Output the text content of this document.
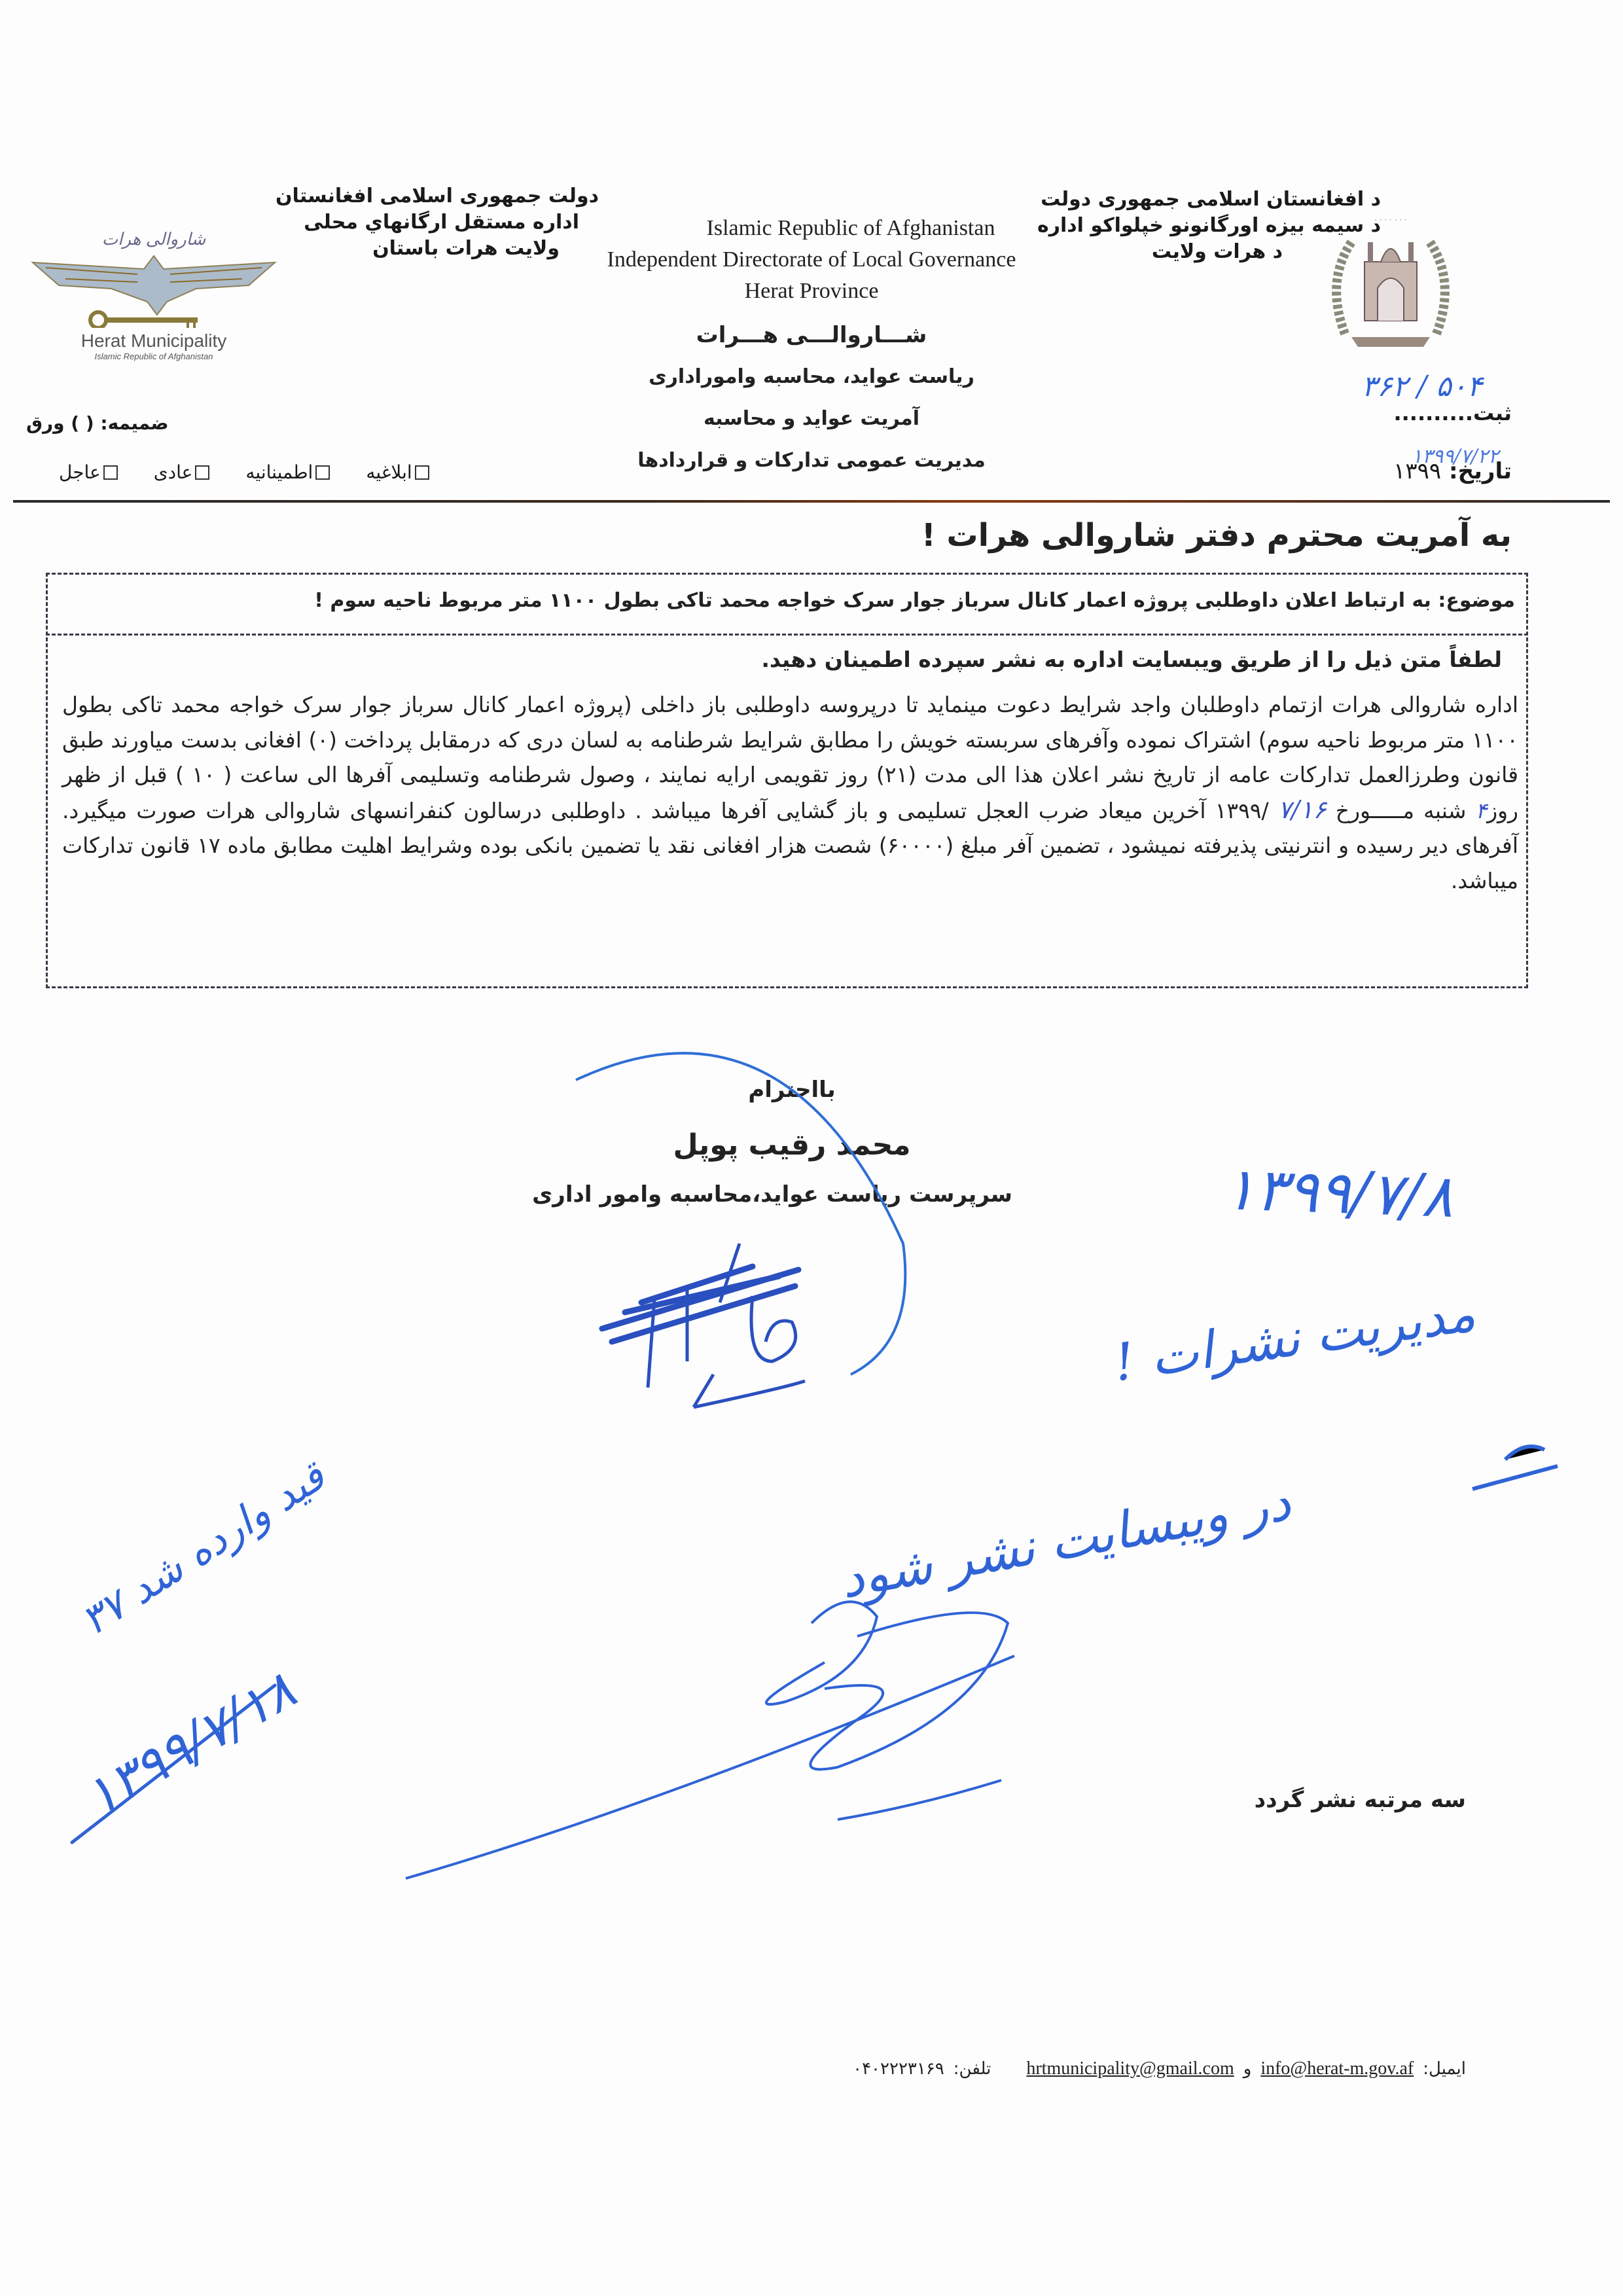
د افغانستان اسلامی جمهوری دولت
د سیمه بیزه اورگانونو خپلواکو اداره
د هرات ولایت
Islamic Republic of Afghanistan
Independent Directorate of Local Governance
Herat Province
دولت جمهوری اسلامی افغانستان
اداره مستقل ارگانهاي محلی
ولایت هرات باستان
شـــاروالـــی هـــرات
ریاست عواید، محاسبه وامورادارى
آمریت عواید و محاسبه
مدیریت عمومی تدارکات و قراردادها
شاروالی هرات
Herat Municipality
Islamic Republic of Afghanistan
· · · · · · ·
ثبت..........
۵۰۴ / ۳۶۲
تاریخ: ۱۳۹۹
۱۳۹۹/۷/۲۲
ضمیمه: ( ) ورق
عاجل	عادی	اطمینانیه	ابلاغیه
به آمریت محترم دفتر شاروالی هرات !
موضوع: به ارتباط اعلان داوطلبی پروژه اعمار کانال سرباز جوار سرک خواجه محمد تاکی بطول ۱۱۰۰ متر مربوط ناحیه سوم !
لطفاً متن ذیل را از طریق ویبسایت اداره به نشر سپرده اطمینان دهید.
اداره شاروالی هرات ازتمام داوطلبان واجد شرایط دعوت مینماید تا درپروسه داوطلبی باز داخلی (پروژه اعمار کانال سرباز جوار سرک خواجه محمد تاکی بطول ۱۱۰۰ متر مربوط ناحیه سوم) اشتراک نموده وآفرهای سربسته خویش را مطابق شرایط شرطنامه به لسان دری که درمقابل پرداخت (۰) افغانی بدست میاورند طبق قانون وطرزالعمل تدارکات عامه از تاریخ نشر اعلان هذا الی مدت (۲۱) روز تقویمی ارایه نمایند ، وصول شرطنامه وتسلیمی آفرها الی ساعت ( ۱۰ ) قبل از ظهر روز۴ شنبه مـــــورخ ۷/۱۶ /۱۳۹۹ آخرین میعاد ضرب العجل تسلیمی و باز گشایی آفرها میباشد . داوطلبی درسالون کنفرانسهای شاروالی هرات صورت میگیرد. آفرهای دیر رسیده و انترنیتی پذیرفته نمیشود ، تضمین آفر مبلغ (۶۰۰۰۰) شصت هزار افغانی نقد یا تضمین بانکی بوده وشرایط اهلیت مطابق ماده ۱۷ قانون تدارکات میباشد.
بااحترام
محمد رقیب پوپل
سرپرست ریاست عواید،محاسبه وامور اداری	۱۳۹۹/۷/۸
مدیریت نشرات !
در ویبسایت نشر شود
قید وارده شد ۳۷
۱۳۹۹/۷/۱۸	سه مرتبه نشر گردد
ایمیل:
info@herat-m.gov.af
و
hrtmunicipality@gmail.com
تلفن:
۰۴۰۲۲۲۳۱۶۹
